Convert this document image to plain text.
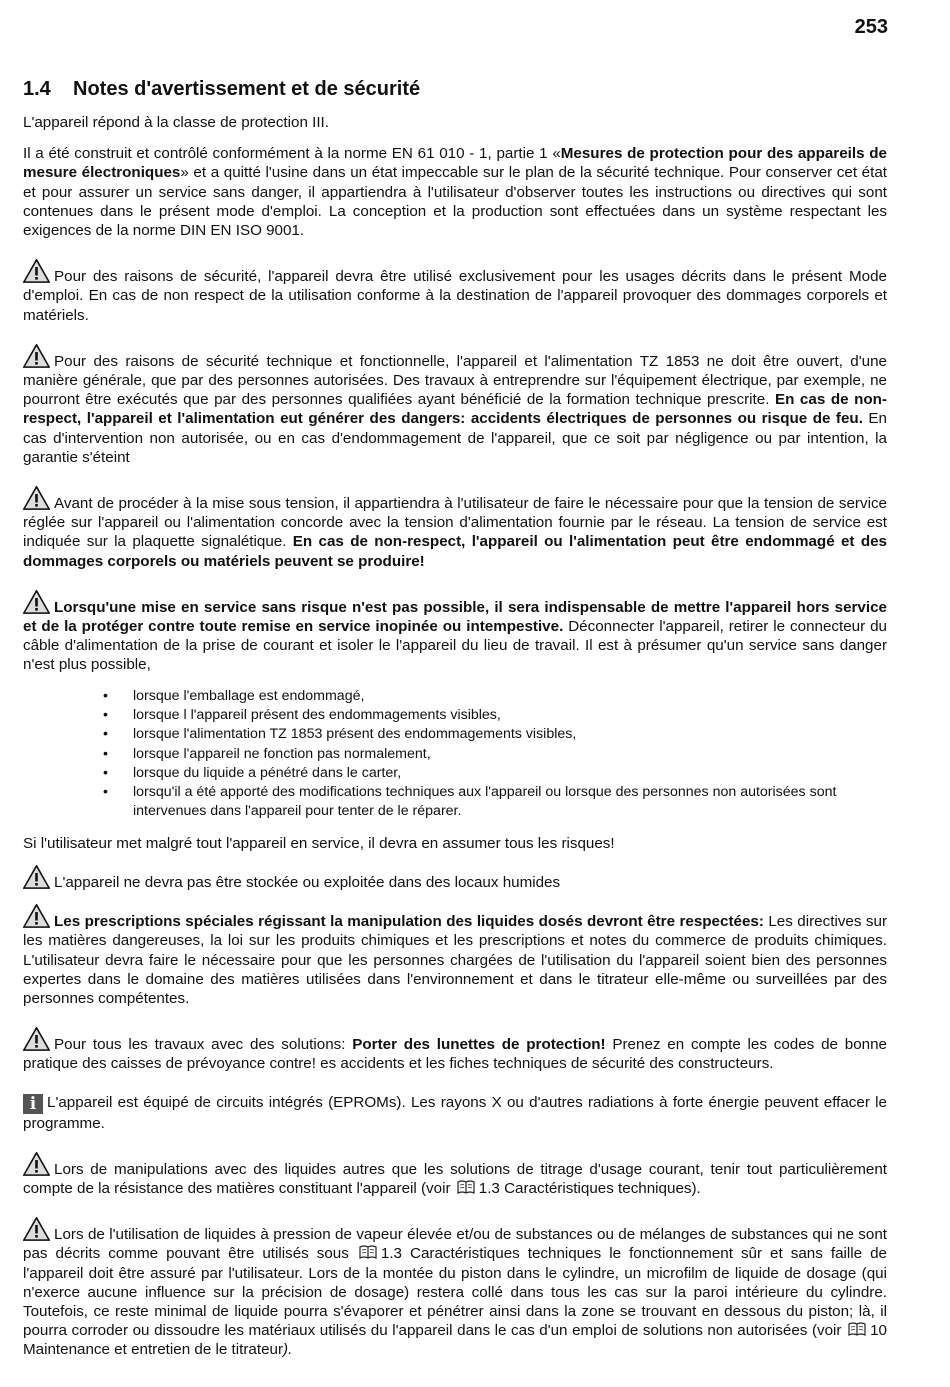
253
1.4 Notes d'avertissement et de sécurité

L'appareil répond à la classe de protection III.

Il a été construit et contrôlé conformément à la norme EN 61 010 - 1, partie 1 «Mesures de protection pour des appareils de mesure électroniques» et a quitté l'usine dans un état impeccable sur le plan de la sécurité technique. Pour conserver cet état et pour assurer un service sans danger, il appartiendra à l'utilisateur d'observer toutes les instructions ou directives qui sont contenues dans le présent mode d'emploi. La conception et la production sont effectuées dans un système respectant les exigences de la norme DIN EN ISO 9001.

Pour des raisons de sécurité, l'appareil devra être utilisé exclusivement pour les usages décrits dans le présent Mode d'emploi. En cas de non respect de la utilisation conforme à la destination de l'appareil provoquer des dommages corporels et matériels.

Pour des raisons de sécurité technique et fonctionnelle, l'appareil et l'alimentation TZ 1853 ne doit être ouvert, d'une manière générale, que par des personnes autorisées. Des travaux à entreprendre sur l'équipement électrique, par exemple, ne pourront être exécutés que par des personnes qualifiées ayant bénéficié de la formation technique prescrite. En cas de non-respect, l'appareil et l'alimentation eut générer des dangers: accidents électriques de personnes ou risque de feu. En cas d'intervention non autorisée, ou en cas d'endommagement de l'appareil, que ce soit par négligence ou par intention, la garantie s'éteint

Avant de procéder à la mise sous tension, il appartiendra à l'utilisateur de faire le nécessaire pour que la tension de service réglée sur l'appareil ou l'alimentation concorde avec la tension d'alimentation fournie par le réseau. La tension de service est indiquée sur la plaquette signalétique. En cas de non-respect, l'appareil ou l'alimentation peut être endommagé et des dommages corporels ou matériels peuvent se produire!

Lorsqu'une mise en service sans risque n'est pas possible, il sera indispensable de mettre l'appareil hors service et de la protéger contre toute remise en service inopinée ou intempestive. Déconnecter l'appareil, retirer le connecteur du câble d'alimentation de la prise de courant et isoler le l'appareil du lieu de travail. Il est à présumer qu'un service sans danger n'est plus possible,

• lorsque l'emballage est endommagé,
• lorsque l l'appareil présent des endommagements visibles,
• lorsque l'alimentation TZ 1853 présent des endommagements visibles,
• lorsque l'appareil ne fonction pas normalement,
• lorsque du liquide a pénétré dans le carter,
• lorsqu'il a été apporté des modifications techniques aux l'appareil ou lorsque des personnes non autorisées sont intervenues dans l'appareil pour tenter de le réparer.

Si l'utilisateur met malgré tout l'appareil en service, il devra en assumer tous les risques!

L'appareil ne devra pas être stockée ou exploitée dans des locaux humides

Les prescriptions spéciales régissant la manipulation des liquides dosés devront être respectées: Les directives sur les matières dangereuses, la loi sur les produits chimiques et les prescriptions et notes du commerce de produits chimiques. L'utilisateur devra faire le nécessaire pour que les personnes chargées de l'utilisation du l'appareil soient bien des personnes expertes dans le domaine des matières utilisées dans l'environnement et dans le titrateur elle-même ou surveillées par des personnes compétentes.

Pour tous les travaux avec des solutions: Porter des lunettes de protection! Prenez en compte les codes de bonne pratique des caisses de prévoyance contre! es accidents et les fiches techniques de sécurité des constructeurs.

i L'appareil est équipé de circuits intégrés (EPROMs). Les rayons X ou d'autres radiations à forte énergie peuvent effacer le programme.

Lors de manipulations avec des liquides autres que les solutions de titrage d'usage courant, tenir tout particulièrement compte de la résistance des matières constituant l'appareil (voir 1.3 Caractéristiques techniques).

Lors de l'utilisation de liquides à pression de vapeur élevée et/ou de substances ou de mélanges de substances qui ne sont pas décrits comme pouvant être utilisés sous 1.3 Caractéristiques techniques le fonctionnement sûr et sans faille de l'appareil doit être assuré par l'utilisateur. Lors de la montée du piston dans le cylindre, un microfilm de liquide de dosage (qui n'exerce aucune influence sur la précision de dosage) restera collé dans tous les cas sur la paroi intérieure du cylindre. Toutefois, ce reste minimal de liquide pourra s'évaporer et pénétrer ainsi dans la zone se trouvant en dessous du piston; là, il pourra corroder ou dissoudre les matériaux utilisés du l'appareil dans le cas d'un emploi de solutions non autorisées (voir 10 Maintenance et entretien de le titrateur).
